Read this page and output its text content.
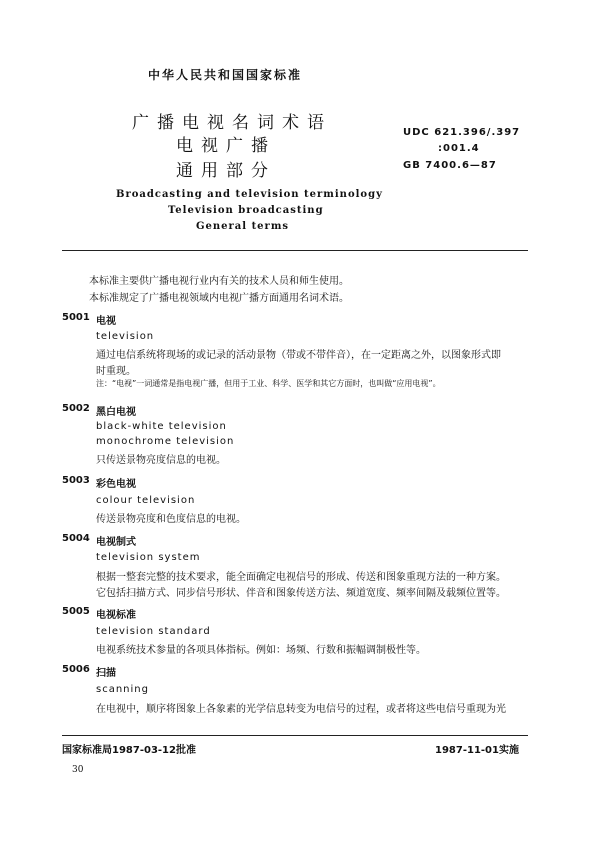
中华人民共和国国家标准
广播电视名词术语
电视广播
通用部分
UDC 621.396/.397
:001.4
GB 7400.6—87
Broadcasting and television terminology
Television broadcasting
General terms
本标准主要供广播电视行业内有关的技术人员和师生使用。
本标准规定了广播电视领域内电视广播方面通用名词术语。
5001 电视
television
通过电信系统将现场的或记录的活动景物（带或不带伴音），在一定距离之外，以图象形式即
时重现。
注：“电视”一词通常是指电视广播，但用于工业、科学、医学和其它方面时，也叫做“应用电视”。
5002 黑白电视
black-white television
monochrome television
只传送景物亮度信息的电视。
5003 彩色电视
colour television
传送景物亮度和色度信息的电视。
5004 电视制式
television system
根据一整套完整的技术要求，能全面确定电视信号的形成、传送和图象重现方法的一种方案。
它包括扫描方式、同步信号形状、伴音和图象传送方法、频道宽度、频率间隔及载频位置等。
5005 电视标准
television standard
电视系统技术参量的各项具体指标。例如：场频、行数和振幅调制极性等。
5006 扫描
scanning
在电视中，顺序将图象上各象素的光学信息转变为电信号的过程，或者将这些电信号重现为光
国家标准局1987-03-12批准	1987-11-01实施
30
